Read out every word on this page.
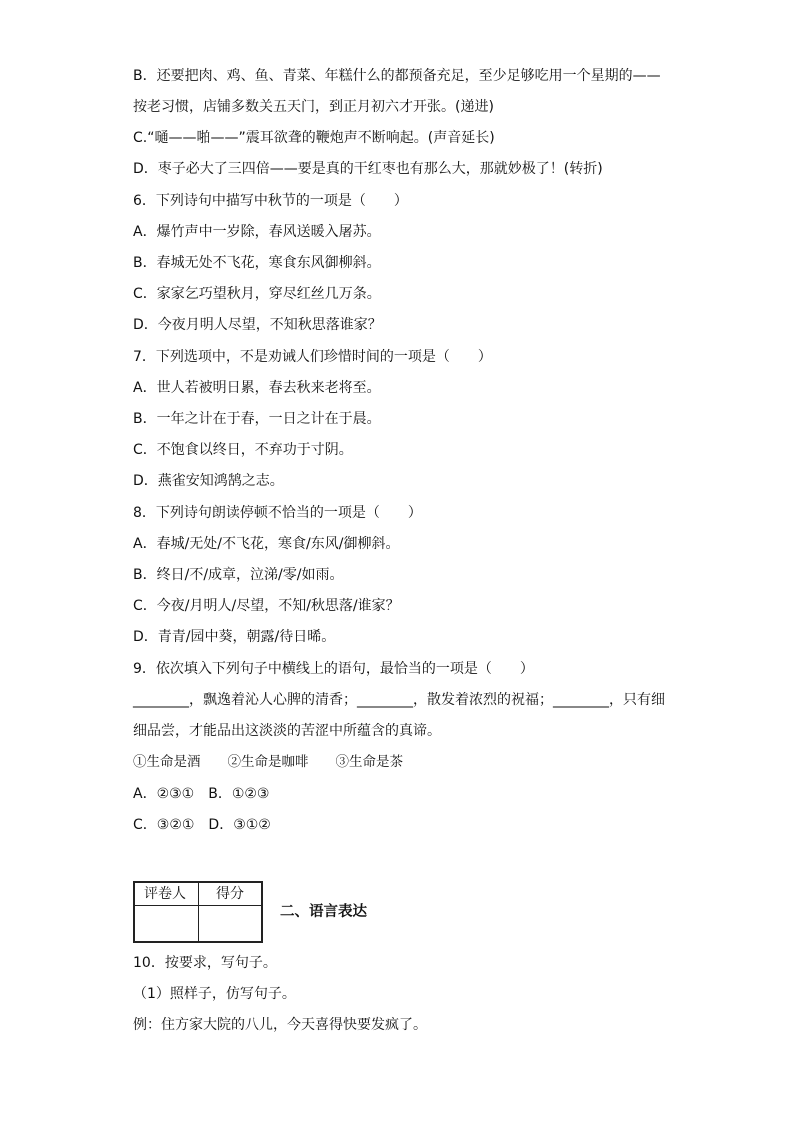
B．还要把肉、鸡、鱼、青菜、年糕什么的都预备充足，至少足够吃用一个星期的——
按老习惯，店铺多数关五天门，到正月初六才开张。(递进)
C.“嗵——啪——”震耳欲聋的鞭炮声不断响起。(声音延长)
D．枣子必大了三四倍——要是真的干红枣也有那么大，那就妙极了！(转折)
6．下列诗句中描写中秋节的一项是（　　）
A．爆竹声中一岁除，春风送暖入屠苏。
B．春城无处不飞花，寒食东风御柳斜。
C．家家乞巧望秋月，穿尽红丝几万条。
D．今夜月明人尽望，不知秋思落谁家？
7．下列选项中，不是劝诫人们珍惜时间的一项是（　　）
A．世人若被明日累，春去秋来老将至。
B．一年之计在于春，一日之计在于晨。
C．不饱食以终日，不弃功于寸阴。
D．燕雀安知鸿鹄之志。
8．下列诗句朗读停顿不恰当的一项是（　　）
A．春城/无处/不飞花，寒食/东风/御柳斜。
B．终日/不/成章，泣涕/零/如雨。
C．今夜/月明人/尽望，不知/秋思落/谁家？
D．青青/园中葵，朝露/待日晞。
9．依次填入下列句子中横线上的语句，最恰当的一项是（　　）
________，飘逸着沁人心脾的清香；________，散发着浓烈的祝福；________，只有细
细品尝，才能品出这淡淡的苦涩中所蕴含的真谛。
①生命是酒　　②生命是咖啡　　③生命是茶
A．②③①　B．①②③
C．③②①　D．③①②
评卷人 得分
二、语言表达
10．按要求，写句子。
（1）照样子，仿写句子。
例：住方家大院的八儿，今天喜得快要发疯了。
